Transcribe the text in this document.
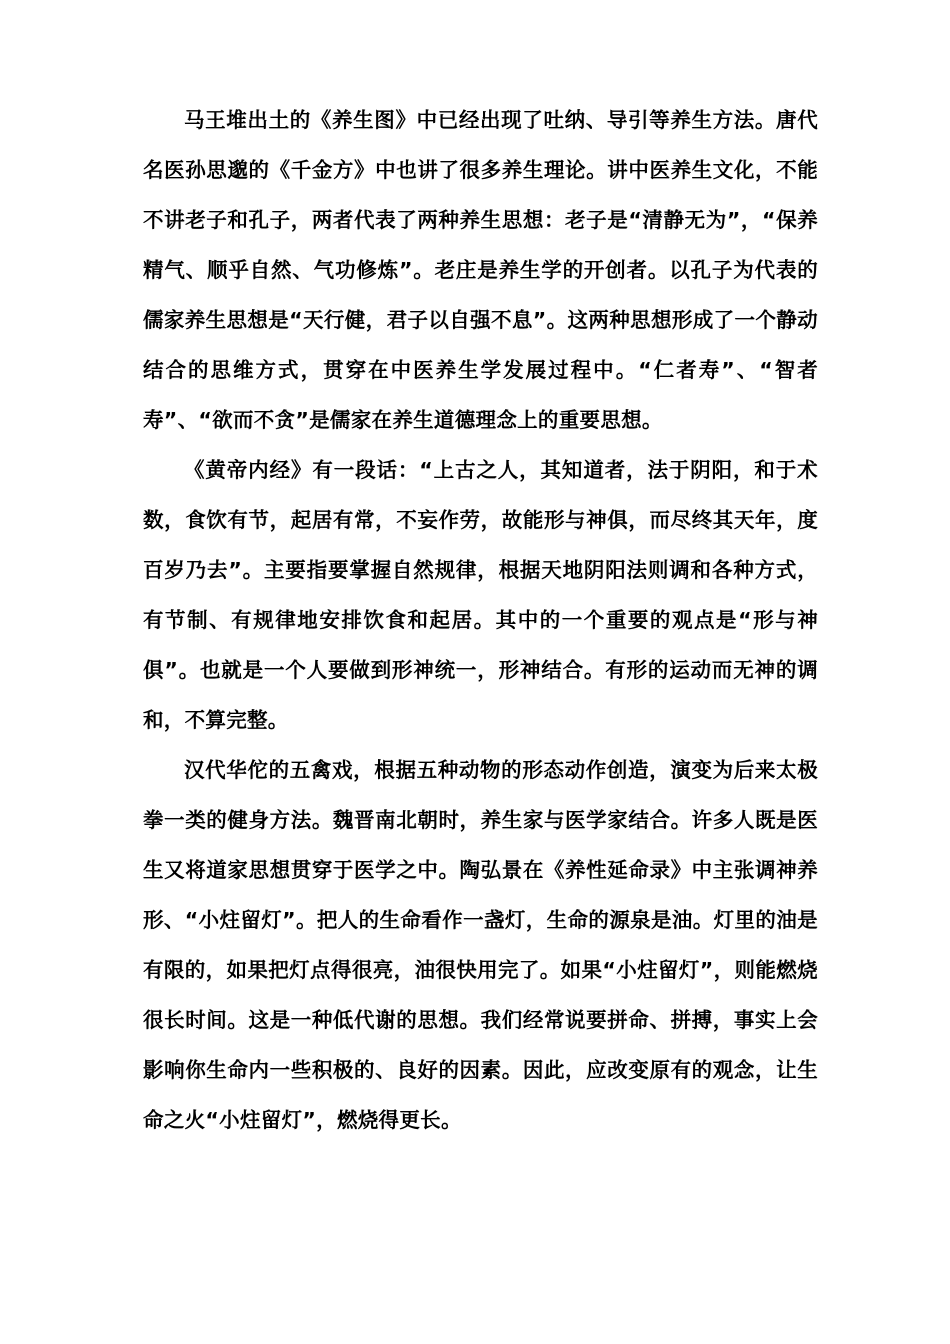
马王堆出土的《养生图》中已经出现了吐纳、导引等养生方法。唐代名医孙思邈的《千金方》中也讲了很多养生理论。讲中医养生文化，不能不讲老子和孔子，两者代表了两种养生思想：老子是“清静无为”，“保养精气、顺乎自然、气功修炼”。老庄是养生学的开创者。以孔子为代表的儒家养生思想是“天行健，君子以自强不息”。这两种思想形成了一个静动结合的思维方式，贯穿在中医养生学发展过程中。“仁者寿”、“智者寿”、“欲而不贪”是儒家在养生道德理念上的重要思想。

《黄帝内经》有一段话：“上古之人，其知道者，法于阴阳，和于术数，食饮有节，起居有常，不妄作劳，故能形与神俱，而尽终其天年，度百岁乃去”。主要指要掌握自然规律，根据天地阴阳法则调和各种方式，有节制、有规律地安排饮食和起居。其中的一个重要的观点是“形与神俱”。也就是一个人要做到形神统一，形神结合。有形的运动而无神的调和，不算完整。

汉代华佗的五禽戏，根据五种动物的形态动作创造，演变为后来太极拳一类的健身方法。魏晋南北朝时，养生家与医学家结合。许多人既是医生又将道家思想贯穿于医学之中。陶弘景在《养性延命录》中主张调神养形、“小炷留灯”。把人的生命看作一盏灯，生命的源泉是油。灯里的油是有限的，如果把灯点得很亮，油很快用完了。如果“小炷留灯”，则能燃烧很长时间。这是一种低代谢的思想。我们经常说要拼命、拼搏，事实上会影响你生命内一些积极的、良好的因素。因此，应改变原有的观念，让生命之火“小炷留灯”，燃烧得更长。
